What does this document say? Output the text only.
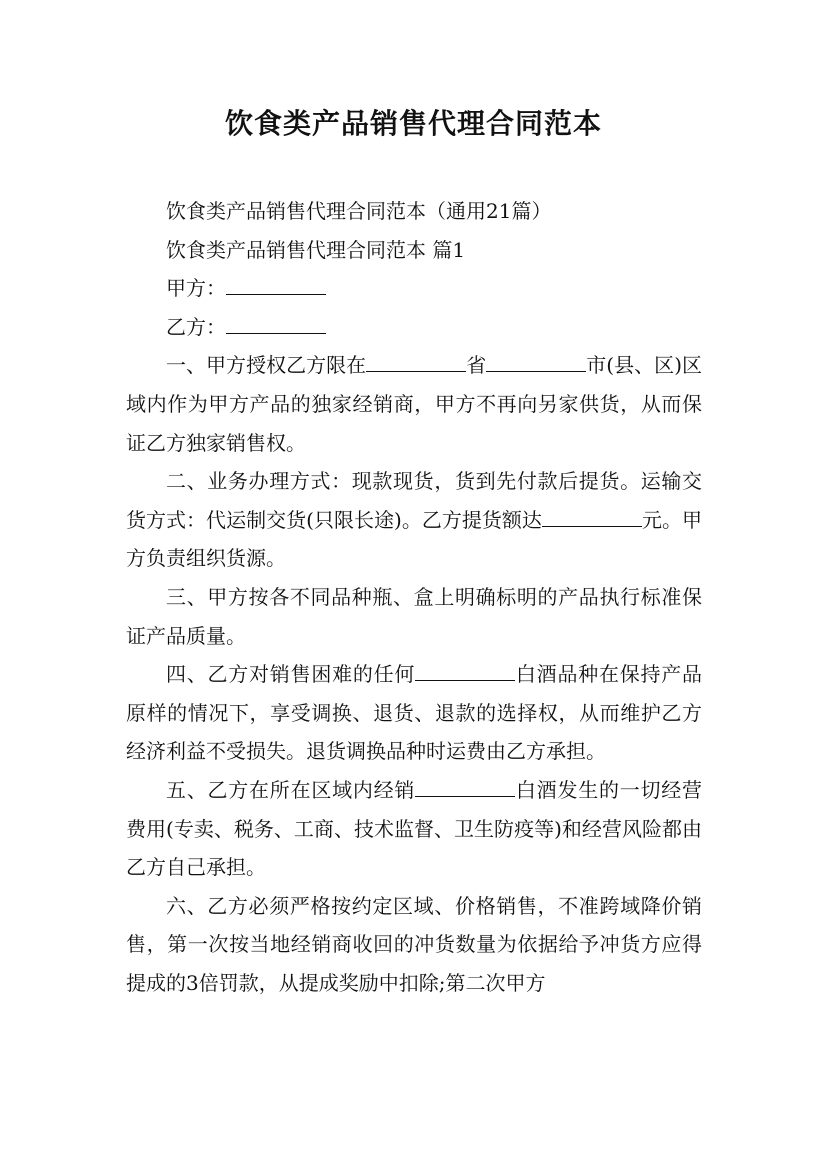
饮食类产品销售代理合同范本

饮食类产品销售代理合同范本（通用21篇）

饮食类产品销售代理合同范本 篇1

甲方：

乙方：

一、甲方授权乙方限在	省	市(县、区)区域内作为甲方产品的独家经销商，甲方不再向另家供货，从而保证乙方独家销售权。

二、业务办理方式：现款现货，货到先付款后提货。运输交货方式：代运制交货(只限长途)。乙方提货额达	元。甲方负责组织货源。

三、甲方按各不同品种瓶、盒上明确标明的产品执行标准保证产品质量。

四、乙方对销售困难的任何	白酒品种在保持产品原样的情况下，享受调换、退货、退款的选择权，从而维护乙方经济利益不受损失。退货调换品种时运费由乙方承担。

五、乙方在所在区域内经销	白酒发生的一切经营费用(专卖、税务、工商、技术监督、卫生防疫等)和经营风险都由乙方自己承担。

六、乙方必须严格按约定区域、价格销售，不准跨域降价销售，第一次按当地经销商收回的冲货数量为依据给予冲货方应得提成的3倍罚款，从提成奖励中扣除;第二次甲方
